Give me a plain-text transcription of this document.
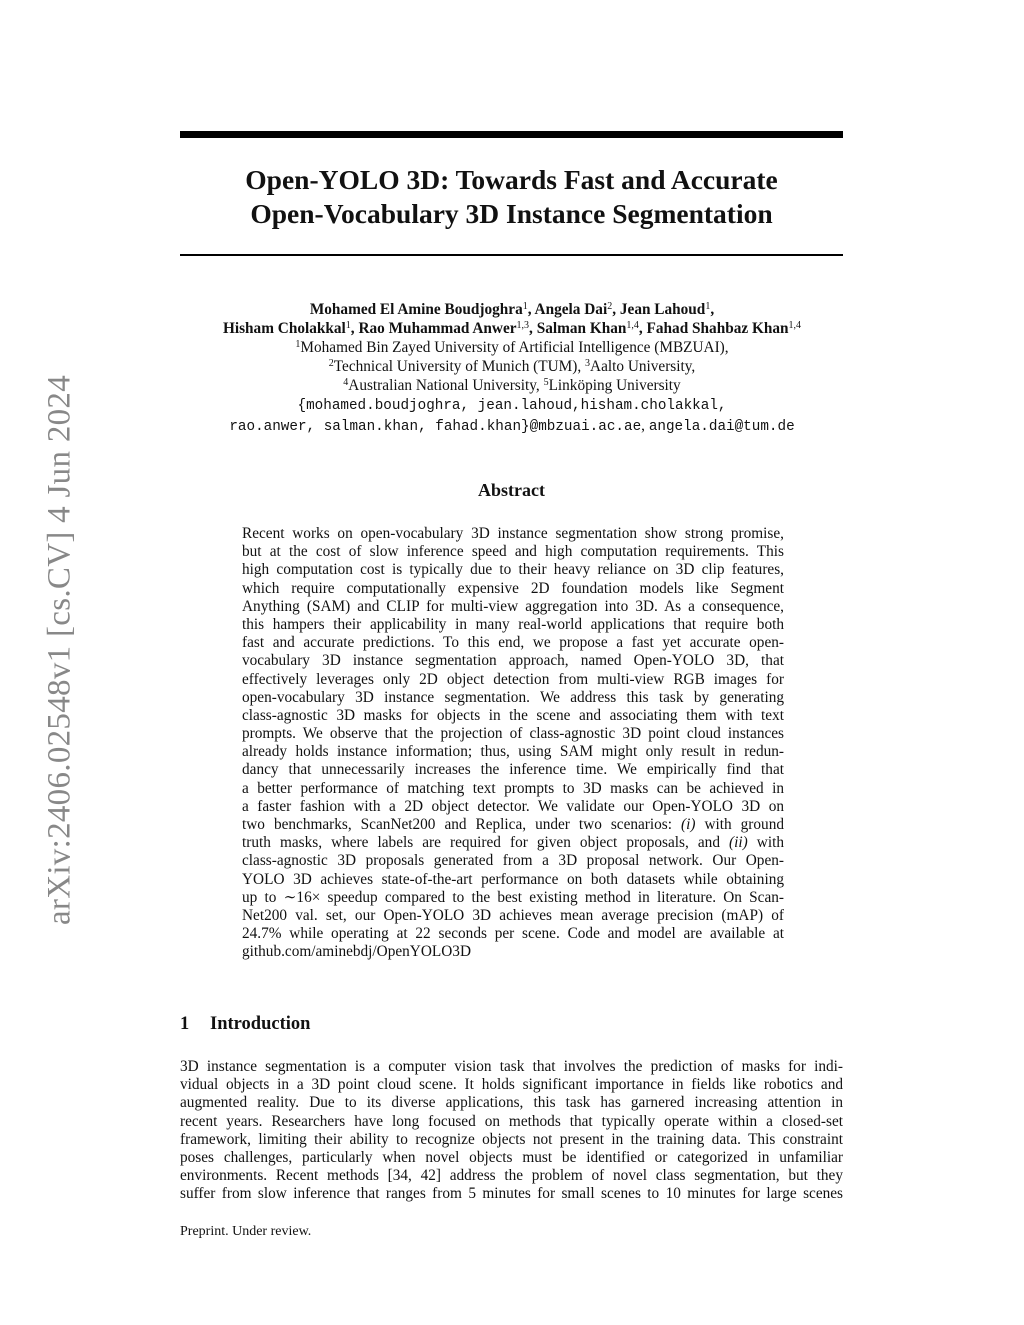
arXiv:2406.02548v1 [cs.CV] 4 Jun 2024
Open-YOLO 3D: Towards Fast and Accurate
Open-Vocabulary 3D Instance Segmentation
Mohamed El Amine Boudjoghra$^1$, Angela Dai$^2$, Jean Lahoud$^1$,
Hisham Cholakkal$^1$, Rao Muhammad Anwer$^{1,3}$, Salman Khan$^{1,4}$, Fahad Shahbaz Khan$^{1,4}$
$^1$Mohamed Bin Zayed University of Artificial Intelligence (MBZUAI),
$^2$Technical University of Munich (TUM), $^3$Aalto University,
$^4$Australian National University, $^5$Linköping University
{mohamed.boudjoghra, jean.lahoud,hisham.cholakkal,
rao.anwer, salman.khan, fahad.khan}@mbzuai.ac.ae, angela.dai@tum.de
Abstract
Recent works on open-vocabulary 3D instance segmentation show strong promise,
but at the cost of slow inference speed and high computation requirements. This
high computation cost is typically due to their heavy reliance on 3D clip features,
which require computationally expensive 2D foundation models like Segment
Anything (SAM) and CLIP for multi-view aggregation into 3D. As a consequence,
this hampers their applicability in many real-world applications that require both
fast and accurate predictions. To this end, we propose a fast yet accurate open-
vocabulary 3D instance segmentation approach, named Open-YOLO 3D, that
effectively leverages only 2D object detection from multi-view RGB images for
open-vocabulary 3D instance segmentation. We address this task by generating
class-agnostic 3D masks for objects in the scene and associating them with text
prompts. We observe that the projection of class-agnostic 3D point cloud instances
already holds instance information; thus, using SAM might only result in redun-
dancy that unnecessarily increases the inference time. We empirically find that
a better performance of matching text prompts to 3D masks can be achieved in
a faster fashion with a 2D object detector. We validate our Open-YOLO 3D on
two benchmarks, ScanNet200 and Replica, under two scenarios: (i) with ground
truth masks, where labels are required for given object proposals, and (ii) with
class-agnostic 3D proposals generated from a 3D proposal network. Our Open-
YOLO 3D achieves state-of-the-art performance on both datasets while obtaining
up to ∼16× speedup compared to the best existing method in literature. On Scan-
Net200 val. set, our Open-YOLO 3D achieves mean average precision (mAP) of
24.7% while operating at 22 seconds per scene. Code and model are available at
github.com/aminebdj/OpenYOLO3D
1 Introduction
3D instance segmentation is a computer vision task that involves the prediction of masks for indi-
vidual objects in a 3D point cloud scene. It holds significant importance in fields like robotics and
augmented reality. Due to its diverse applications, this task has garnered increasing attention in
recent years. Researchers have long focused on methods that typically operate within a closed-set
framework, limiting their ability to recognize objects not present in the training data. This constraint
poses challenges, particularly when novel objects must be identified or categorized in unfamiliar
environments. Recent methods [34, 42] address the problem of novel class segmentation, but they
suffer from slow inference that ranges from 5 minutes for small scenes to 10 minutes for large scenes
Preprint. Under review.
